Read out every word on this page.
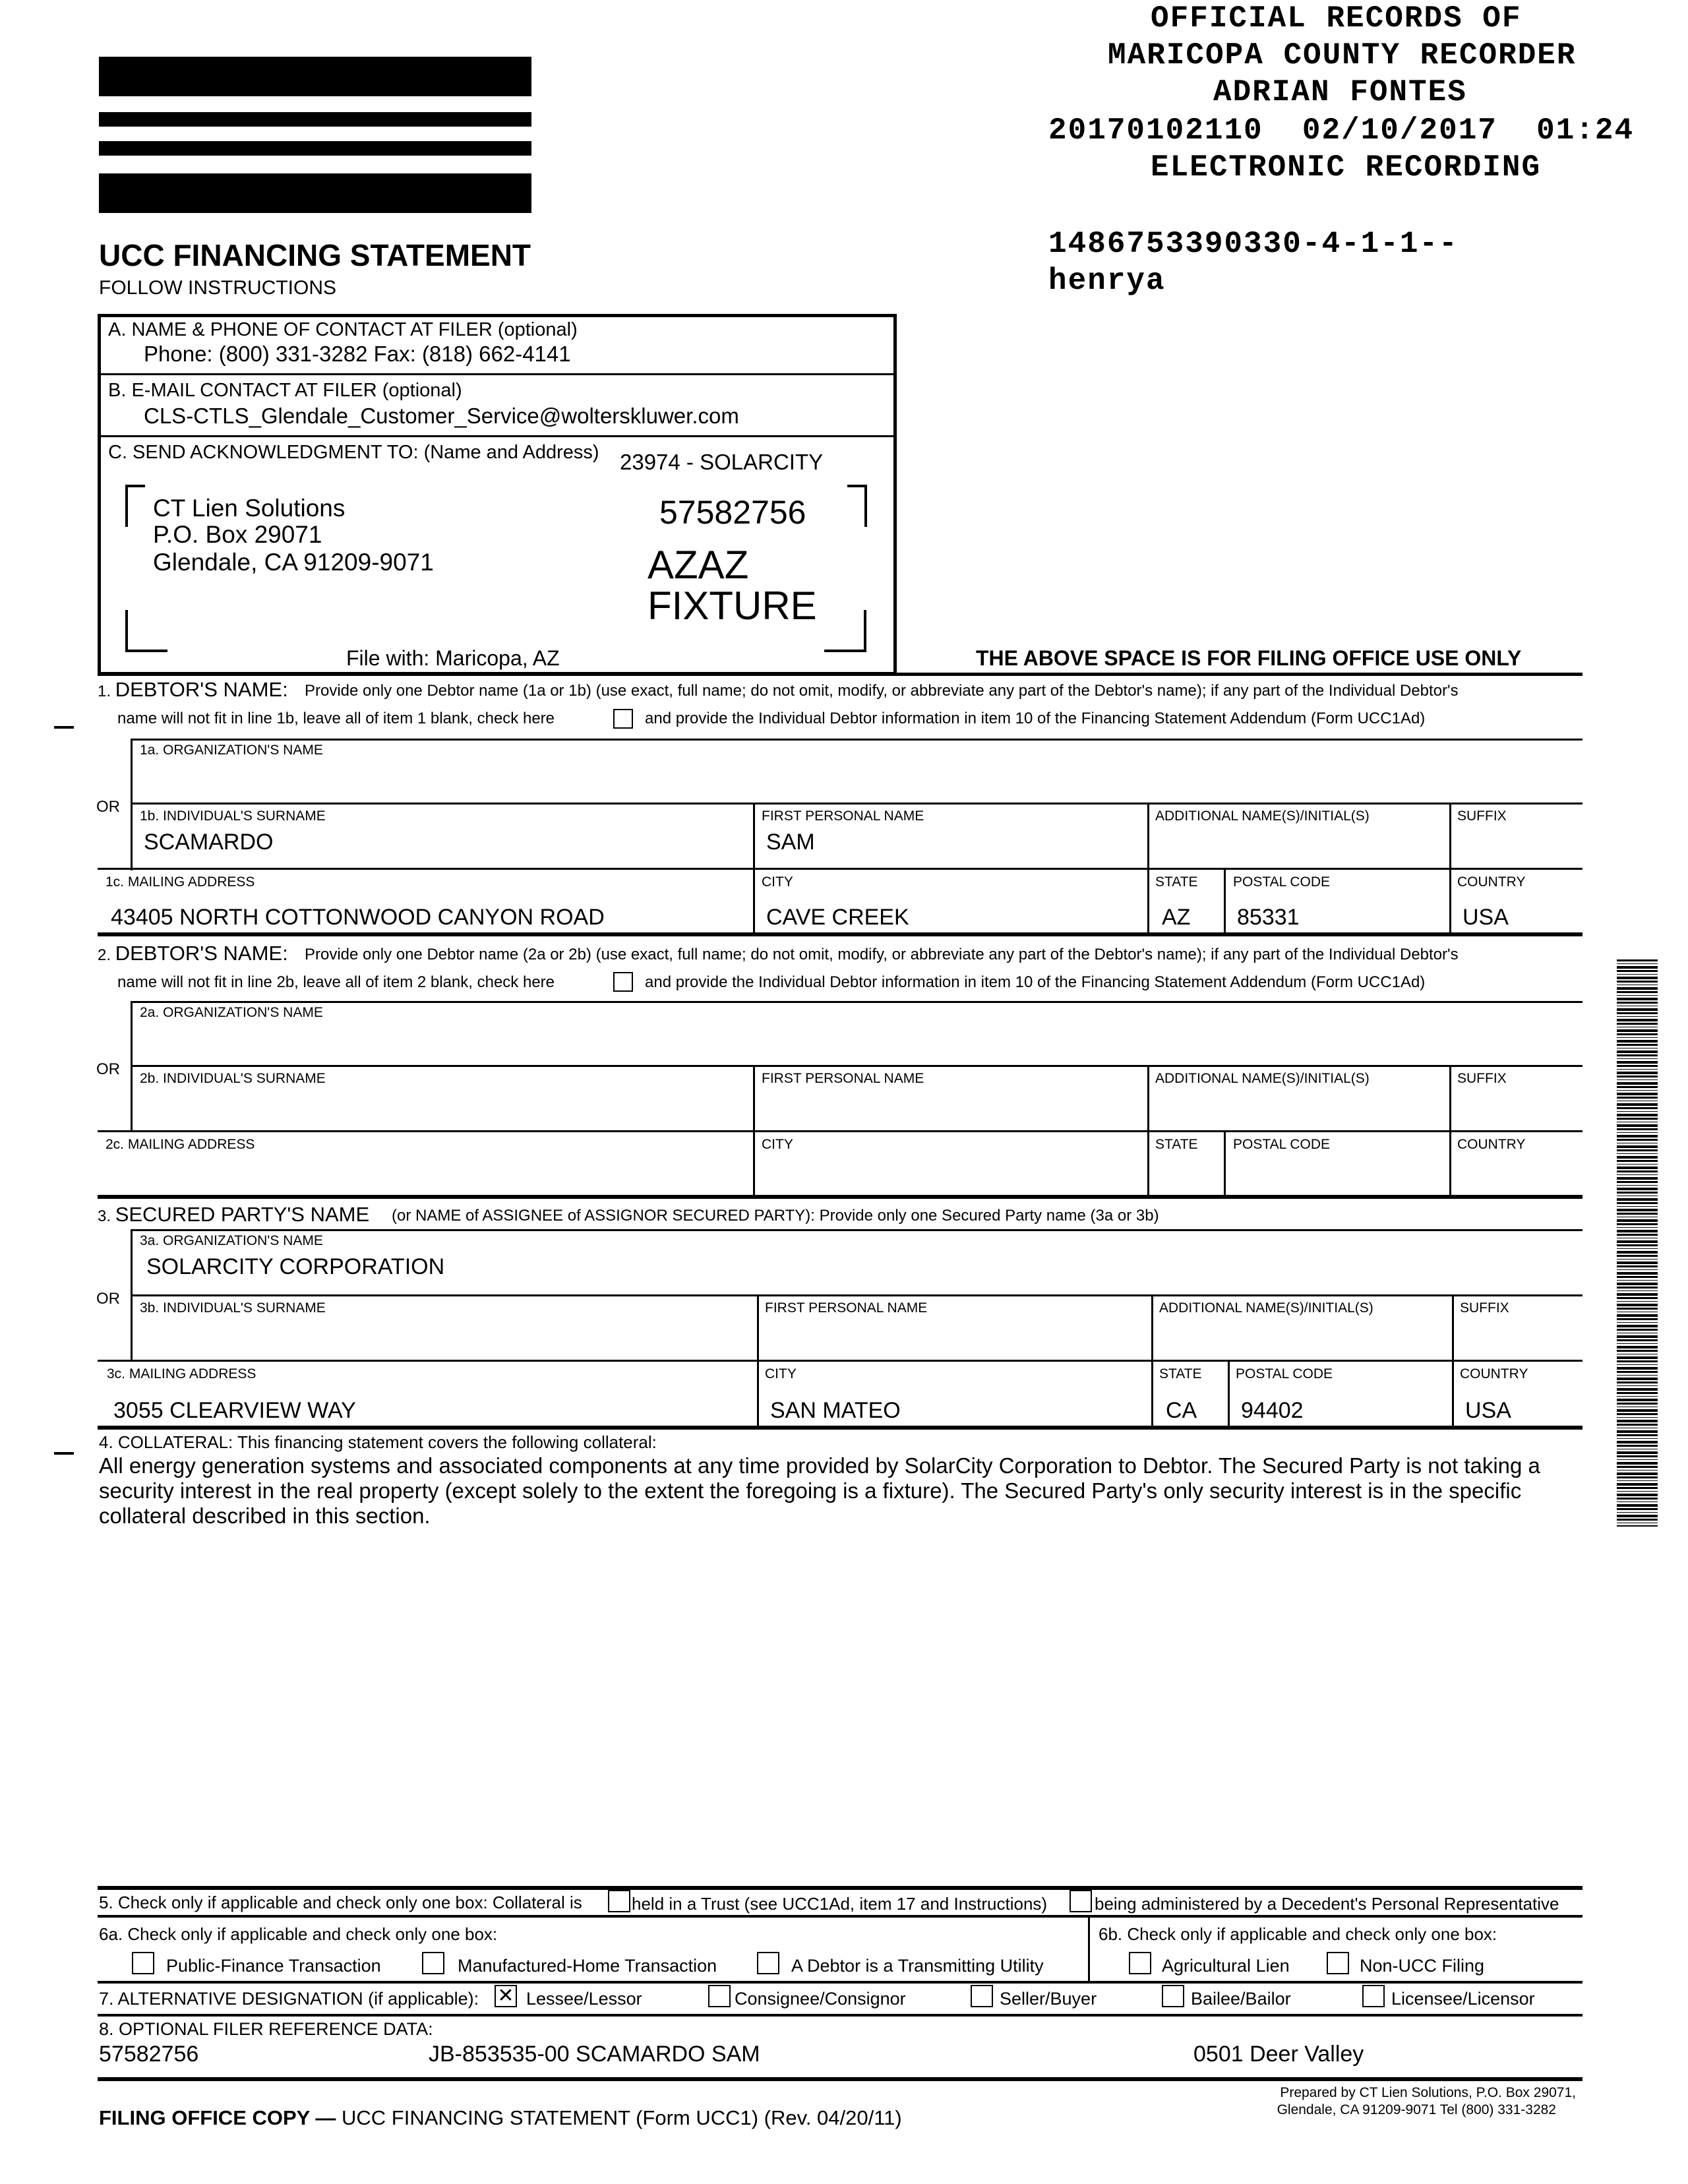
OFFICIAL RECORDS OF
MARICOPA COUNTY RECORDER
ADRIAN FONTES
20170102110  02/10/2017  01:24
ELECTRONIC RECORDING
1486753390330-4-1-1--
henrya
UCC FINANCING STATEMENT
FOLLOW INSTRUCTIONS
A. NAME & PHONE OF CONTACT AT FILER (optional)
Phone: (800) 331-3282 Fax: (818) 662-4141
B. E-MAIL CONTACT AT FILER (optional)
CLS-CTLS_Glendale_Customer_Service@wolterskluwer.com
C. SEND ACKNOWLEDGMENT TO: (Name and Address) 23974 - SOLARCITY
CT Lien Solutions
P.O. Box 29071
Glendale, CA 91209-9071
57582756
AZAZ
FIXTURE
File with: Maricopa, AZ	THE ABOVE SPACE IS FOR FILING OFFICE USE ONLY
1. DEBTOR'S NAME: Provide only one Debtor name (1a or 1b) (use exact, full name; do not omit, modify, or abbreviate any part of the Debtor's name); if any part of the Individual Debtor's
name will not fit in line 1b, leave all of item 1 blank, check here	and provide the Individual Debtor information in item 10 of the Financing Statement Addendum (Form UCC1Ad)
1a. ORGANIZATION'S NAME
OR
1b. INDIVIDUAL'S SURNAME
SCAMARDO
FIRST PERSONAL NAME
SAM
ADDITIONAL NAME(S)/INITIAL(S)	SUFFIX
1c. MAILING ADDRESS
43405 NORTH COTTONWOOD CANYON ROAD
CITY
CAVE CREEK
STATE
AZ
POSTAL CODE
85331
COUNTRY
USA
2. DEBTOR'S NAME: Provide only one Debtor name (2a or 2b) (use exact, full name; do not omit, modify, or abbreviate any part of the Debtor's name); if any part of the Individual Debtor's
name will not fit in line 2b, leave all of item 2 blank, check here	and provide the Individual Debtor information in item 10 of the Financing Statement Addendum (Form UCC1Ad)
2a. ORGANIZATION'S NAME
OR
2b. INDIVIDUAL'S SURNAME	FIRST PERSONAL NAME	ADDITIONAL NAME(S)/INITIAL(S)	SUFFIX
2c. MAILING ADDRESS	CITY	STATE	POSTAL CODE	COUNTRY
3. SECURED PARTY'S NAME (or NAME of ASSIGNEE of ASSIGNOR SECURED PARTY): Provide only one Secured Party name (3a or 3b)
3a. ORGANIZATION'S NAME
SOLARCITY CORPORATION
OR
3b. INDIVIDUAL'S SURNAME	FIRST PERSONAL NAME	ADDITIONAL NAME(S)/INITIAL(S)	SUFFIX
3c. MAILING ADDRESS
3055 CLEARVIEW WAY
CITY
SAN MATEO
STATE
CA
POSTAL CODE
94402
COUNTRY
USA
4. COLLATERAL: This financing statement covers the following collateral:
All energy generation systems and associated components at any time provided by SolarCity Corporation to Debtor. The Secured Party is not taking a
security interest in the real property (except solely to the extent the foregoing is a fixture). The Secured Party's only security interest is in the specific
collateral described in this section.
5. Check only if applicable and check only one box: Collateral is	held in a Trust (see UCC1Ad, item 17 and Instructions)	being administered by a Decedent's Personal Representative
6a. Check only if applicable and check only one box:	6b. Check only if applicable and check only one box:
Public-Finance Transaction	Manufactured-Home Transaction	A Debtor is a Transmitting Utility	Agricultural Lien	Non-UCC Filing
7. ALTERNATIVE DESIGNATION (if applicable): ✕ Lessee/Lessor	Consignee/Consignor	Seller/Buyer	Bailee/Bailor	Licensee/Licensor
8. OPTIONAL FILER REFERENCE DATA:
57582756	JB-853535-00 SCAMARDO SAM	0501 Deer Valley
FILING OFFICE COPY — UCC FINANCING STATEMENT (Form UCC1) (Rev. 04/20/11)
Prepared by CT Lien Solutions, P.O. Box 29071,
Glendale, CA 91209-9071 Tel (800) 331-3282
